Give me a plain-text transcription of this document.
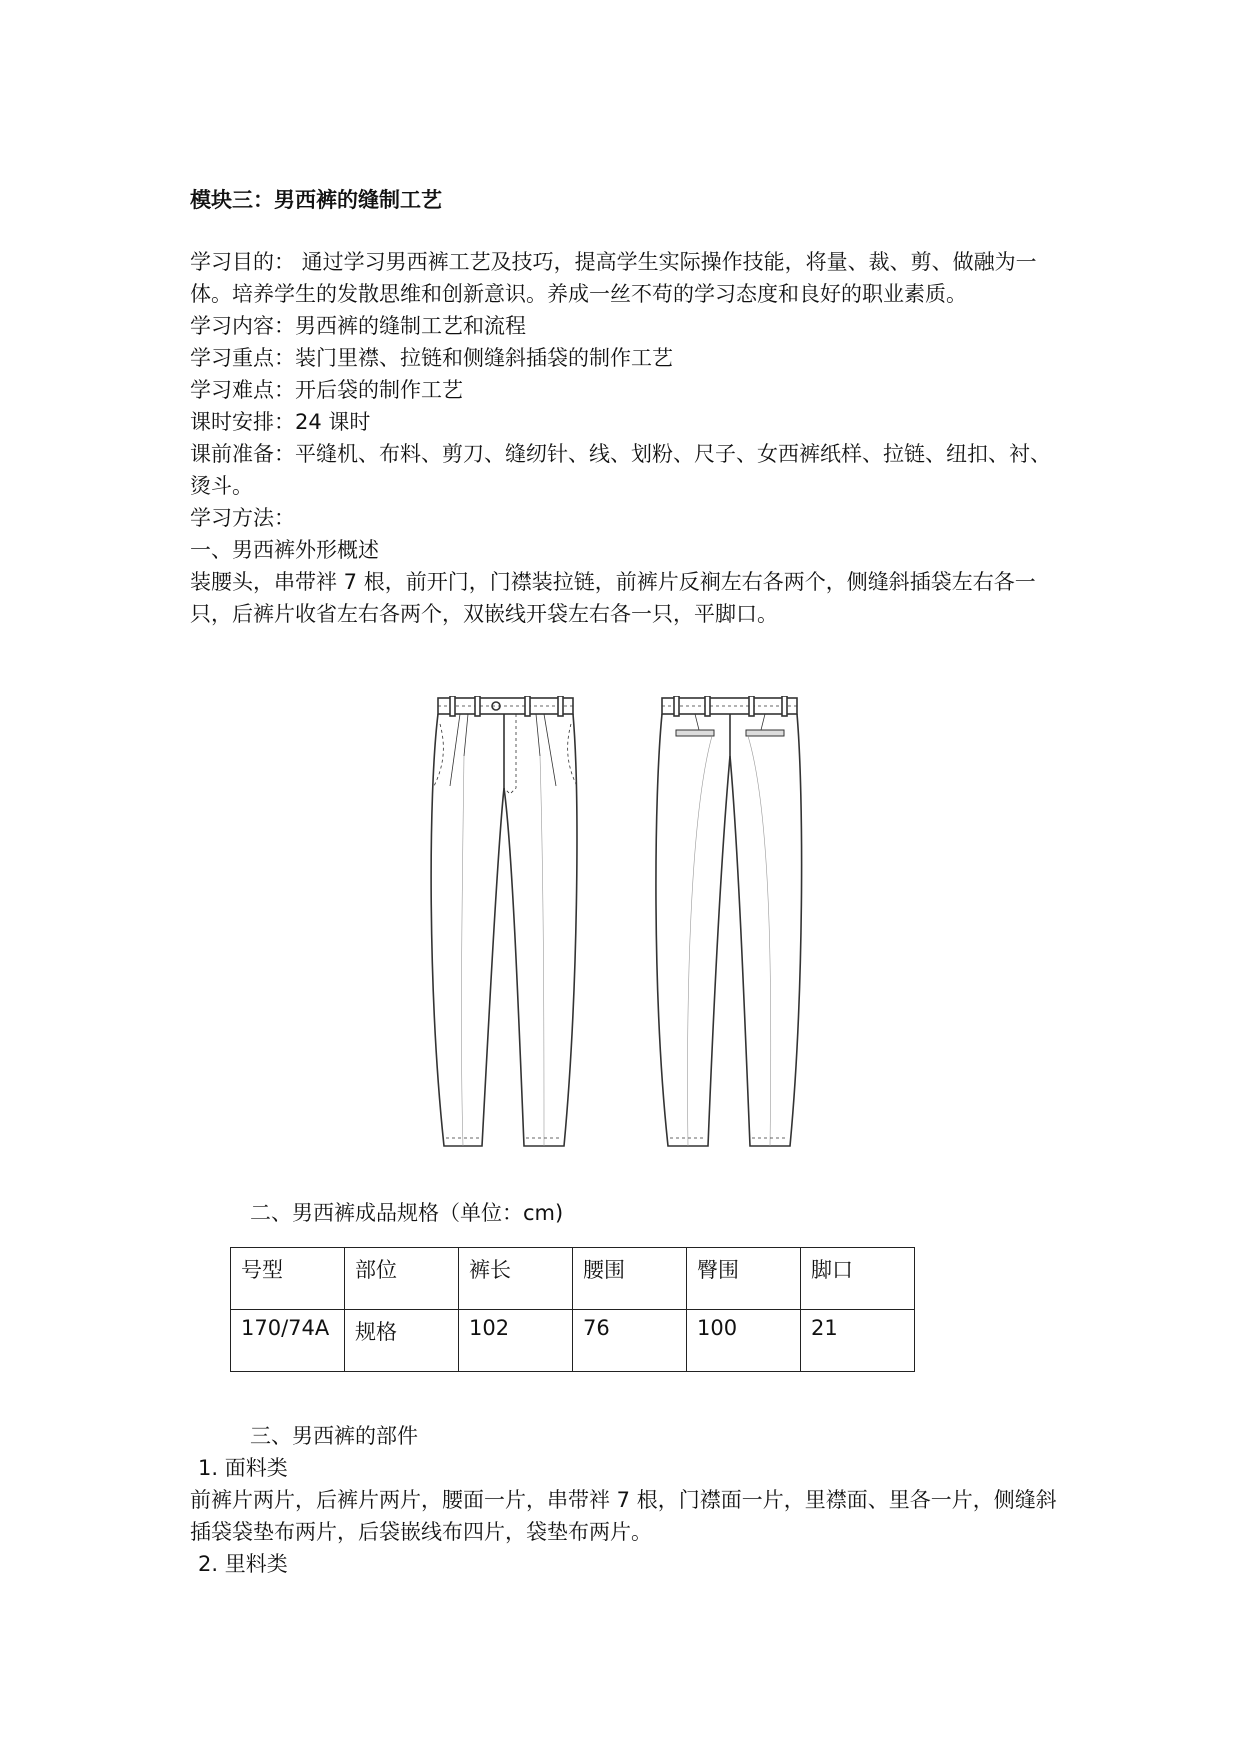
模块三：男西裤的缝制工艺

学习目的： 通过学习男西裤工艺及技巧，提高学生实际操作技能，将量、裁、剪、做融为一体。培养学生的发散思维和创新意识。养成一丝不苟的学习态度和良好的职业素质。

学习内容：男西裤的缝制工艺和流程

学习重点：装门里襟、拉链和侧缝斜插袋的制作工艺

学习难点：开后袋的制作工艺

课时安排：24 课时

课前准备：平缝机、布料、剪刀、缝纫针、线、划粉、尺子、女西裤纸样、拉链、纽扣、衬、烫斗。

学习方法：

一、男西裤外形概述

装腰头，串带袢 7 根，前开门，门襟装拉链，前裤片反裥左右各两个，侧缝斜插袋左右各一只，后裤片收省左右各两个，双嵌线开袋左右各一只，平脚口。

二、男西裤成品规格（单位：cm)

号型	部位	裤长	腰围	臀围	脚口
170/74A	规格	102	76	100	21

三、男西裤的部件

1. 面料类

前裤片两片，后裤片两片，腰面一片，串带袢 7 根，门襟面一片，里襟面、里各一片，侧缝斜插袋袋垫布两片，后袋嵌线布四片，袋垫布两片。

2. 里料类
